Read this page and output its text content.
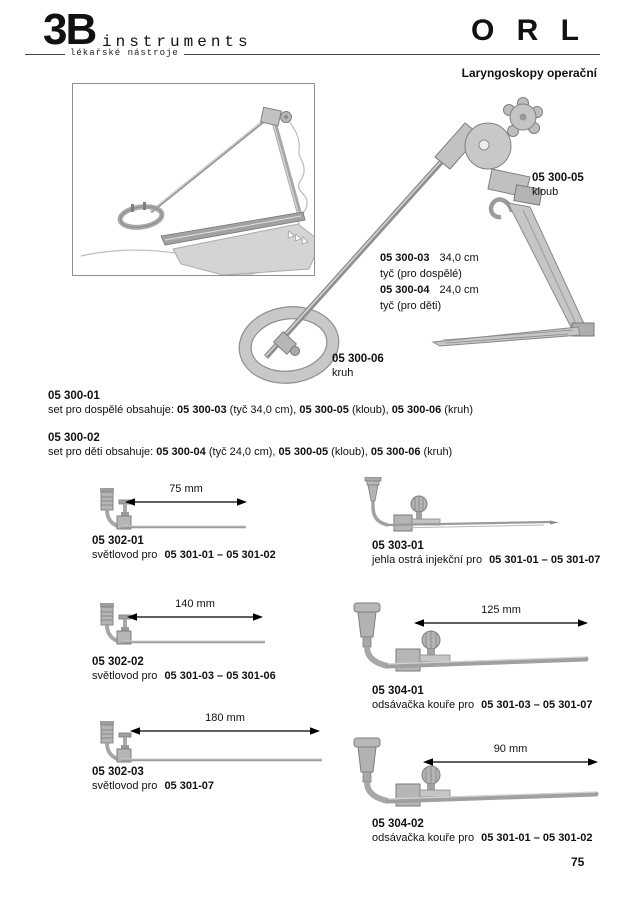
3B instruments
lékařské nástroje
O R L
Laryngoskopy operační
05 300-05
kloub
05 300-03 34,0 cm
tyč (pro dospělé)
05 300-04 24,0 cm
tyč (pro děti)
05 300-06
kruh
05 300-01
set pro dospělé obsahuje: 05 300-03 (tyč 34,0 cm), 05 300-05 (kloub), 05 300-06 (kruh)
05 300-02
set pro děti obsahuje: 05 300-04 (tyč 24,0 cm), 05 300-05 (kloub), 05 300-06 (kruh)
75 mm
05 302-01
světlovod pro 05 301-01 – 05 301-02
05 303-01
jehla ostrá injekční pro 05 301-01 – 05 301-07
140 mm
05 302-02
světlovod pro 05 301-03 – 05 301-06
125 mm
05 304-01
odsávačka kouře pro 05 301-03 – 05 301-07
180 mm
05 302-03
světlovod pro 05 301-07
90 mm
05 304-02
odsávačka kouře pro 05 301-01 – 05 301-02
75
